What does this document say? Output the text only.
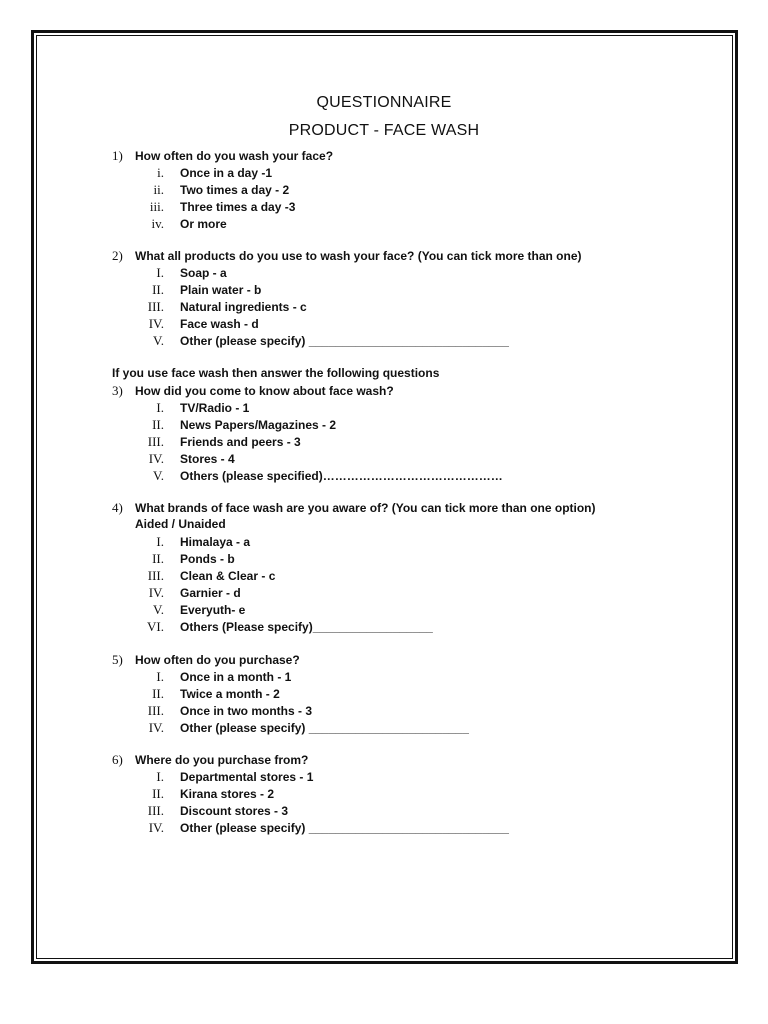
QUESTIONNAIRE
PRODUCT - FACE WASH
1) How often do you wash your face?
i. Once in a day -1
ii. Two times a day - 2
iii. Three times a day -3
iv. Or more
2) What all products do you use to wash your face? (You can tick more than one)
I. Soap - a
II. Plain water - b
III. Natural ingredients - c
IV. Face wash - d
V. Other (please specify) ______________________________
If you use face wash then answer the following questions
3) How did you come to know about face wash?
I. TV/Radio - 1
II. News Papers/Magazines - 2
III. Friends and peers - 3
IV. Stores - 4
V. Others (please specified)………………………………………
4) What brands of face wash are you aware of? (You can tick more than one option)
Aided / Unaided
I. Himalaya - a
II. Ponds - b
III. Clean & Clear - c
IV. Garnier - d
V. Everyuth- e
VI. Others (Please specify)__________________
5) How often do you purchase?
I. Once in a month - 1
II. Twice a month - 2
III. Once in two months - 3
IV. Other (please specify) ________________________
6) Where do you purchase from?
I. Departmental stores - 1
II. Kirana stores - 2
III. Discount stores - 3
IV. Other (please specify) ______________________________
